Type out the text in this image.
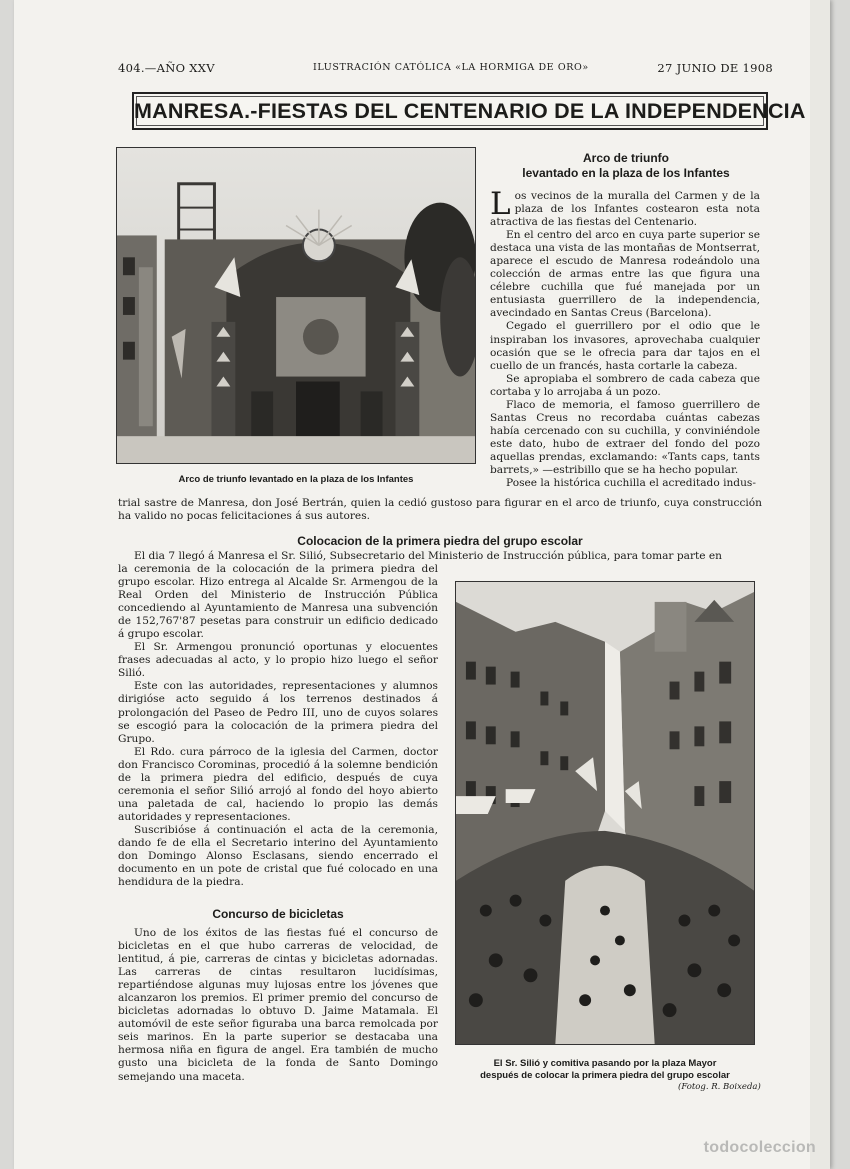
404.—AÑO XXV	ILUSTRACIÓN CATÓLICA «LA HORMIGA DE ORO»	27 JUNIO DE 1908
MANRESA.-FIESTAS DEL CENTENARIO DE LA INDEPENDENCIA
Arco de triunfo levantado en la plaza de los Infantes
Arco de triunfo
levantado en la plaza de los Infantes

Los vecinos de la muralla del Carmen y de la plaza de los Infantes costearon esta nota atractiva de las fiestas del Centenario.

En el centro del arco en cuya parte superior se destaca una vista de las montañas de Montserrat, aparece el escudo de Manresa rodeándolo una colección de armas entre las que figura una célebre cuchilla que fué manejada por un entusiasta guerrillero de la independencia, avecindado en Santas Creus (Barcelona).

Cegado el guerrillero por el odio que le inspiraban los invasores, aprovechaba cualquier ocasión que se le ofrecia para dar tajos en el cuello de un francés, hasta cortarle la cabeza.

Se apropiaba el sombrero de cada cabeza que cortaba y lo arrojaba á un pozo.

Flaco de memoria, el famoso guerrillero de Santas Creus no recordaba cuántas cabezas había cercenado con su cuchilla, y conviniéndole este dato, hubo de extraer del fondo del pozo aquellas prendas, exclamando: «Tants caps, tants barrets,» —estribillo que se ha hecho popular.

Posee la histórica cuchilla el acreditado indus-

trial sastre de Manresa, don José Bertrán, quien la cedió gustoso para figurar en el arco de triunfo, cuya construcción ha valido no pocas felicitaciones á sus autores.

Colocacion de la primera piedra del grupo escolar

El dia 7 llegó á Manresa el Sr. Silió, Subsecretario del Ministerio de Instrucción pública, para tomar parte en

la ceremonia de la colocación de la primera piedra del grupo escolar. Hizo entrega al Alcalde Sr. Armengou de la Real Orden del Ministerio de Instrucción Pública concediendo al Ayuntamiento de Manresa una subvención de 152,767'87 pesetas para construir un edificio dedicado á grupo escolar.

El Sr. Armengou pronunció oportunas y elocuentes frases adecuadas al acto, y lo propio hizo luego el señor Silió.

Este con las autoridades, representaciones y alumnos dirigióse acto seguido á los terrenos destinados á prolongación del Paseo de Pedro III, uno de cuyos solares se escogió para la colocación de la primera piedra del Grupo.

El Rdo. cura párroco de la iglesia del Carmen, doctor don Francisco Corominas, procedió á la solemne bendición de la primera piedra del edificio, después de cuya ceremonia el señor Silió arrojó al fondo del hoyo abierto una paletada de cal, haciendo lo propio las demás autoridades y representaciones.

Suscribióse á continuación el acta de la ceremonia, dando fe de ella el Secretario interino del Ayuntamiento don Domingo Alonso Esclasans, siendo encerrado el documento en un pote de cristal que fué colocado en una hendidura de la piedra.

Concurso de bicicletas

Uno de los éxitos de las fiestas fué el concurso de bicicletas en el que hubo carreras de velocidad, de lentitud, á pie, carreras de cintas y bicicletas adornadas. Las carreras de cintas resultaron lucidísimas, repartiéndose algunas muy lujosas entre los jóvenes que alcanzaron los premios. El primer premio del concurso de bicicletas adornadas lo obtuvo D. Jaime Matamala. El automóvil de este señor figuraba una barca remolcada por seis marinos. En la parte superior se destacaba una hermosa niña en figura de angel. Era también de mucho gusto una bicicleta de la fonda de Santo Domingo semejando una maceta.

El Sr. Silió y comitiva pasando por la plaza Mayor
después de colocar la primera piedra del grupo escolar
(Fotog. R. Boixeda)
todocoleccion
